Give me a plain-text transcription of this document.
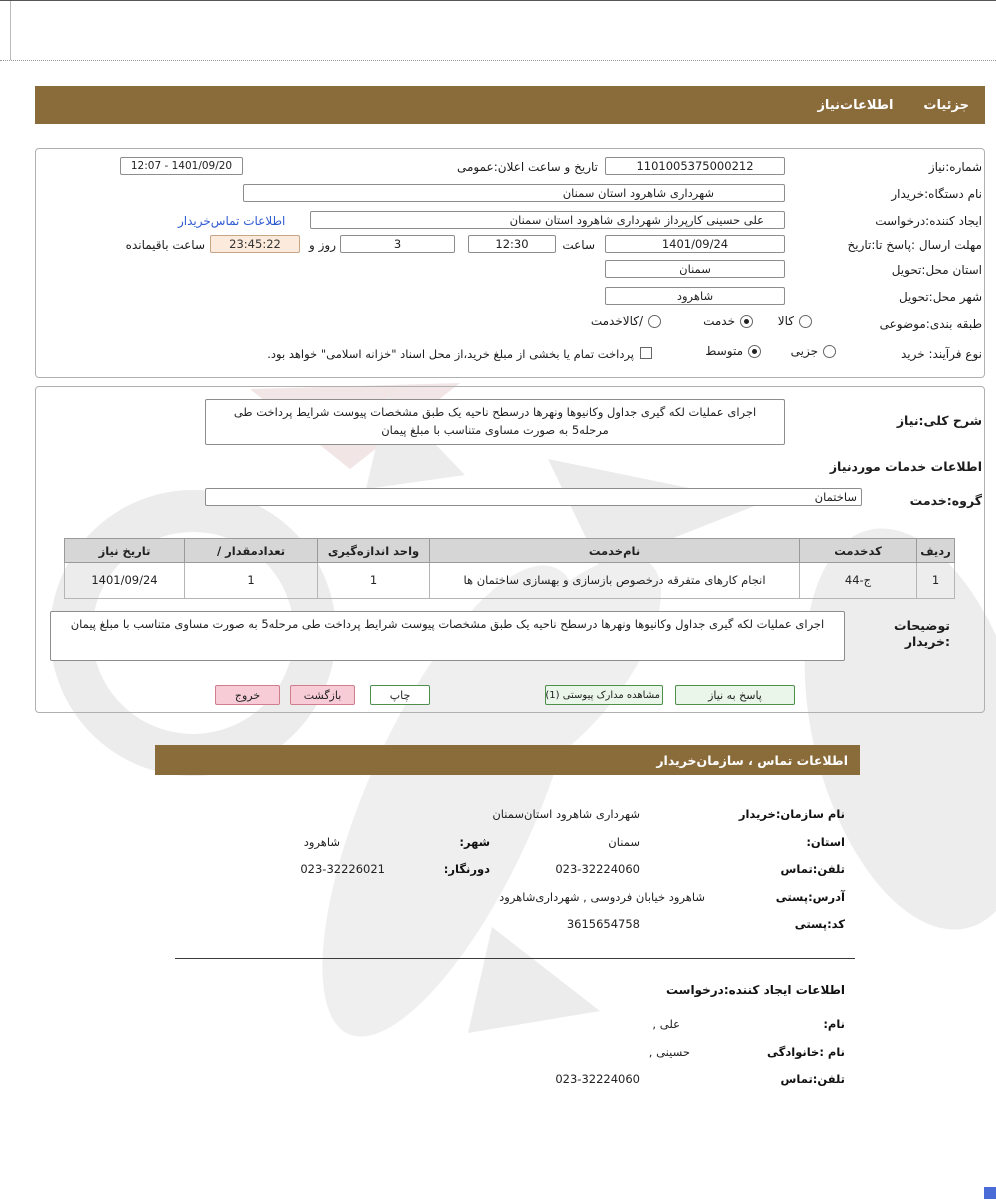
جزئیات
اطلاعات‌نیاز
شماره:نیاز
1101005375000212
تاریخ و ساعت اعلان:عمومی
12:07 - 1401/09/20
نام دستگاه:خریدار
شهرداری شاهرود استان سمنان
ایجاد کننده:درخواست
علی حسینی کارپرداز شهرداری شاهرود استان سمنان
اطلاعات تماس‌خریدار
مهلت ارسال :پاسخ تا:تاریخ
1401/09/24
ساعت
12:30
3
روز و
23:45:22
ساعت باقیمانده
استان محل:تحویل
سمنان
شهر محل:تحویل
شاهرود
طبقه بندی:موضوعی
کالا
خدمت
/کالاخدمت
نوع فرآیند: خرید
جزیی
متوسط
پرداخت تمام یا بخشی از مبلغ خرید،از محل اسناد "خزانه اسلامی" خواهد بود.
شرح کلی:نیاز
اجرای عملیات لکه گیری جداول وکانیوها ونهرها درسطح ناحیه یک طبق مشخصات پیوست شرایط پرداخت طی مرحله5 به صورت مساوی متناسب با مبلغ پیمان
اطلاعات خدمات موردنیاز
گروه:خدمت
ساختمان
ردیف	کدخدمت	نام‌خدمت	واحد اندازه‌گیری	تعدادمقدار /	تاریخ نیاز
1	ج-44	انجام کارهای متفرقه درخصوص بازسازی و بهسازی ساختمان ها	1	1	1401/09/24
توضیحات
:خریدار
اجرای عملیات لکه گیری جداول وکانیوها ونهرها درسطح ناحیه یک طبق مشخصات پیوست شرایط پرداخت طی مرحله5 به صورت مساوی متناسب با مبلغ پیمان
پاسخ به نیاز
مشاهده مدارک پیوستی (1)
چاپ
بازگشت
خروج
اطلاعات تماس ، سازمان‌خریدار
نام سازمان:خریدار
شهرداری شاهرود استان‌سمنان
استان:
سمنان
شهر:
شاهرود
تلفن:تماس
023-32224060
دورنگار:
023-32226021
آدرس:پستی
شاهرود خیابان فردوسی , شهرداری‌شاهرود
کد:پستی
3615654758
اطلاعات ایجاد کننده:درخواست
نام:
علی ,
نام :خانوادگی
حسینی ,
تلفن:تماس
023-32224060
